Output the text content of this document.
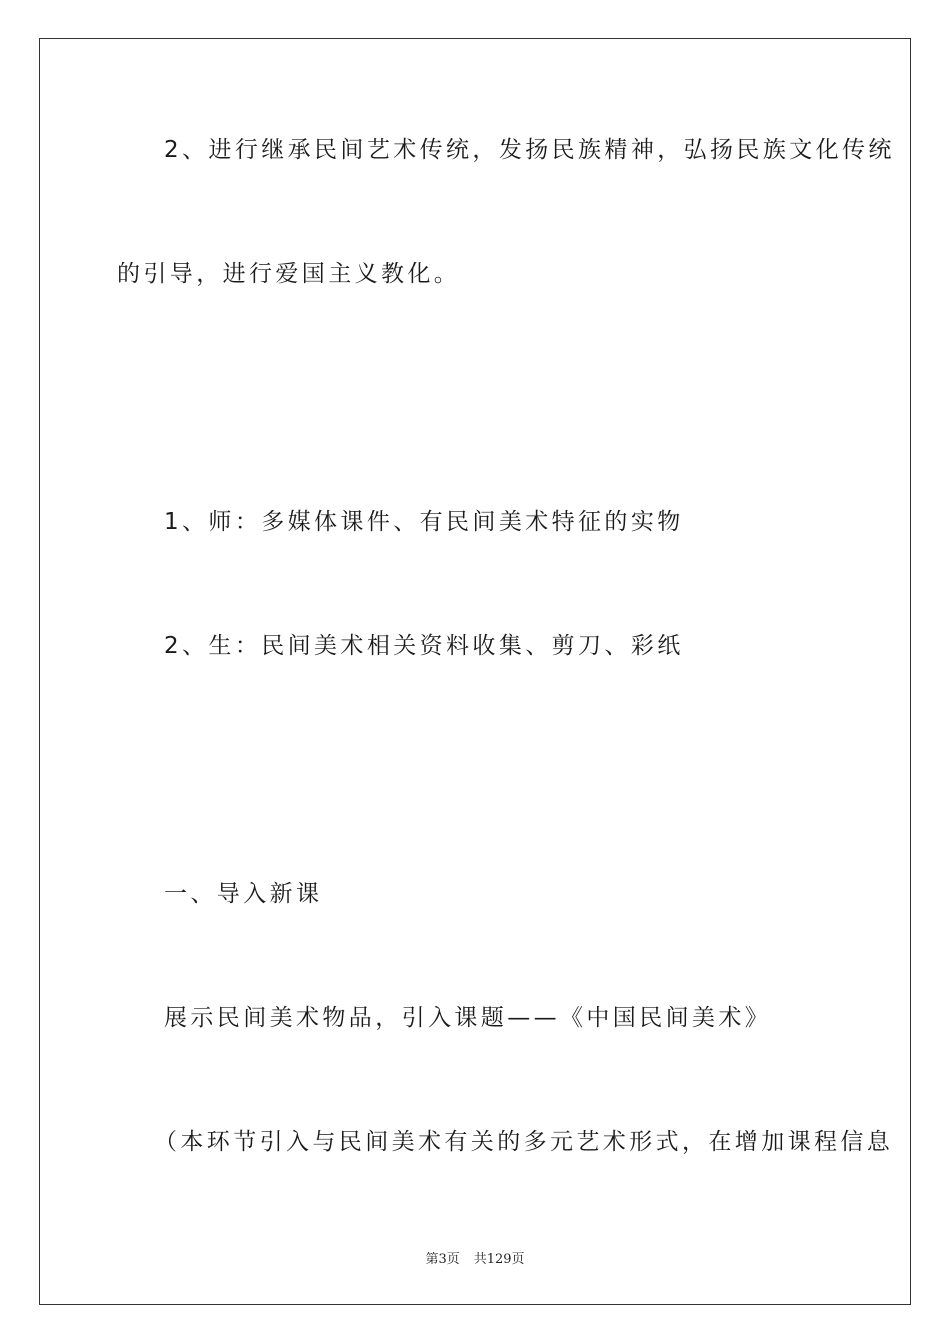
2、进行继承民间艺术传统，发扬民族精神，弘扬民族文化传统
的引导，进行爱国主义教化。
1、师：多媒体课件、有民间美术特征的实物
2、生：民间美术相关资料收集、剪刀、彩纸
一、导入新课
展示民间美术物品，引入课题——《中国民间美术》
（本环节引入与民间美术有关的多元艺术形式，在增加课程信息
第3页 共129页
